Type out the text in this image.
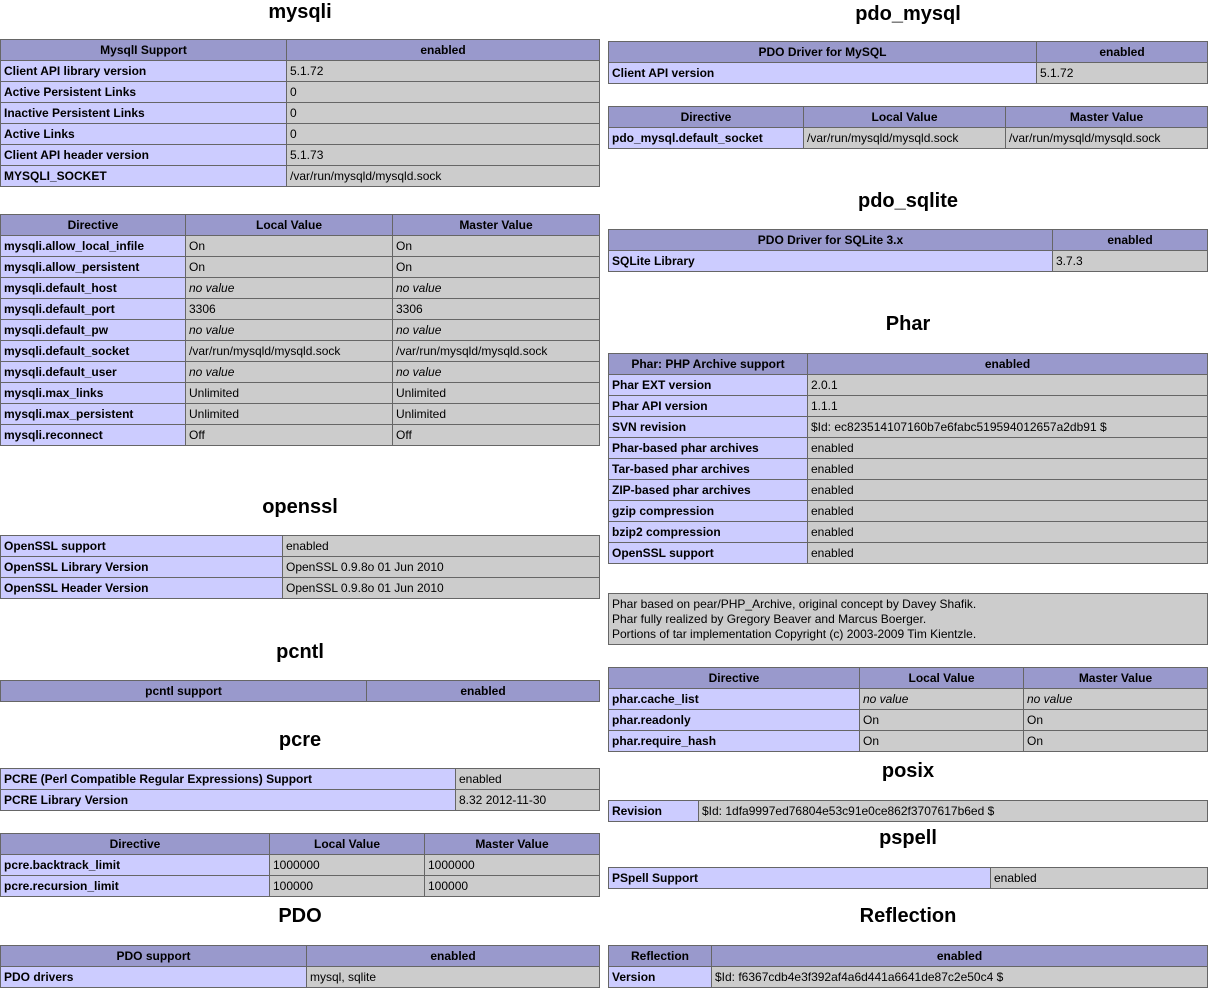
mysqli
MysqlI Support	enabled
Client API library version	5.1.72
Active Persistent Links	0
Inactive Persistent Links	0
Active Links	0
Client API header version	5.1.73
MYSQLI_SOCKET	/var/run/mysqld/mysqld.sock
Directive	Local Value	Master Value
mysqli.allow_local_infile	On	On
mysqli.allow_persistent	On	On
mysqli.default_host	no value	no value
mysqli.default_port	3306	3306
mysqli.default_pw	no value	no value
mysqli.default_socket	/var/run/mysqld/mysqld.sock	/var/run/mysqld/mysqld.sock
mysqli.default_user	no value	no value
mysqli.max_links	Unlimited	Unlimited
mysqli.max_persistent	Unlimited	Unlimited
mysqli.reconnect	Off	Off
openssl
OpenSSL support	enabled
OpenSSL Library Version	OpenSSL 0.9.8o 01 Jun 2010
OpenSSL Header Version	OpenSSL 0.9.8o 01 Jun 2010
pcntl
pcntl support	enabled
pcre
PCRE (Perl Compatible Regular Expressions) Support	enabled
PCRE Library Version	8.32 2012-11-30
Directive	Local Value	Master Value
pcre.backtrack_limit	1000000	1000000
pcre.recursion_limit	100000	100000
PDO
PDO support	enabled
PDO drivers	mysql, sqlite
pdo_mysql
PDO Driver for MySQL	enabled
Client API version	5.1.72
Directive	Local Value	Master Value
pdo_mysql.default_socket	/var/run/mysqld/mysqld.sock	/var/run/mysqld/mysqld.sock
pdo_sqlite
PDO Driver for SQLite 3.x	enabled
SQLite Library	3.7.3
Phar
Phar: PHP Archive support	enabled
Phar EXT version	2.0.1
Phar API version	1.1.1
SVN revision	$Id: ec823514107160b7e6fabc519594012657a2db91 $
Phar-based phar archives	enabled
Tar-based phar archives	enabled
ZIP-based phar archives	enabled
gzip compression	enabled
bzip2 compression	enabled
OpenSSL support	enabled
Phar based on pear/PHP_Archive, original concept by Davey Shafik.
Phar fully realized by Gregory Beaver and Marcus Boerger.
Portions of tar implementation Copyright (c) 2003-2009 Tim Kientzle.
Directive	Local Value	Master Value
phar.cache_list	no value	no value
phar.readonly	On	On
phar.require_hash	On	On
posix
Revision	$Id: 1dfa9997ed76804e53c91e0ce862f3707617b6ed $
pspell
PSpell Support	enabled
Reflection
Reflection	enabled
Version	$Id: f6367cdb4e3f392af4a6d441a6641de87c2e50c4 $
